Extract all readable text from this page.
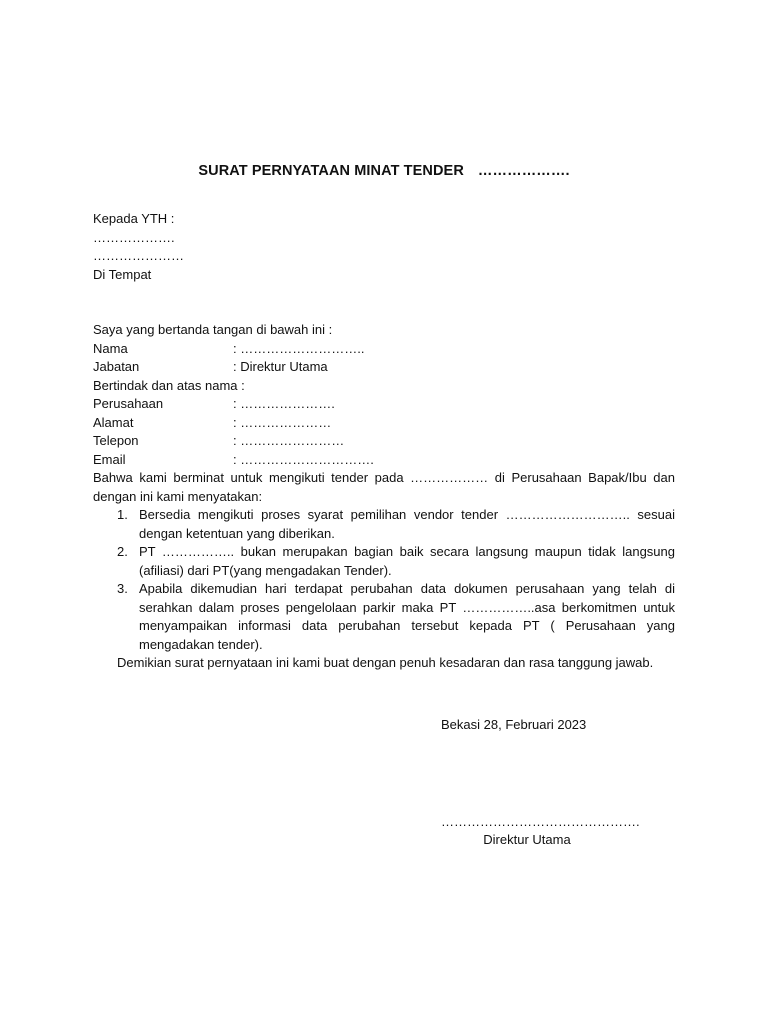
SURAT PERNYATAAN MINAT TENDER ……………….
Kepada YTH :
……………….
…………………
Di Tempat
Saya yang bertanda tangan di bawah ini :
Nama	: ………………………..
Jabatan	: Direktur Utama
Bertindak dan atas nama :
Perusahaan	: ………………….
Alamat	: …………………
Telepon	: ……………………
Email	: ………………………….
Bahwa kami berminat untuk mengikuti tender pada ……………… di Perusahaan Bapak/Ibu dan dengan ini kami menyatakan:
1. Bersedia mengikuti proses syarat pemilihan vendor tender ……………………….. sesuai dengan ketentuan yang diberikan.
2. PT …………….. bukan merupakan bagian baik secara langsung maupun tidak langsung (afiliasi) dari PT(yang mengadakan Tender).
3. Apabila dikemudian hari terdapat perubahan data dokumen perusahaan yang telah di serahkan dalam proses pengelolaan parkir maka PT ……………..asa berkomitmen untuk menyampaikan informasi data perubahan tersebut kepada PT ( Perusahaan yang mengadakan tender).
Demikian surat pernyataan ini kami buat dengan penuh kesadaran dan rasa tanggung jawab.
Bekasi 28, Februari 2023
……………………………………….
Direktur Utama
